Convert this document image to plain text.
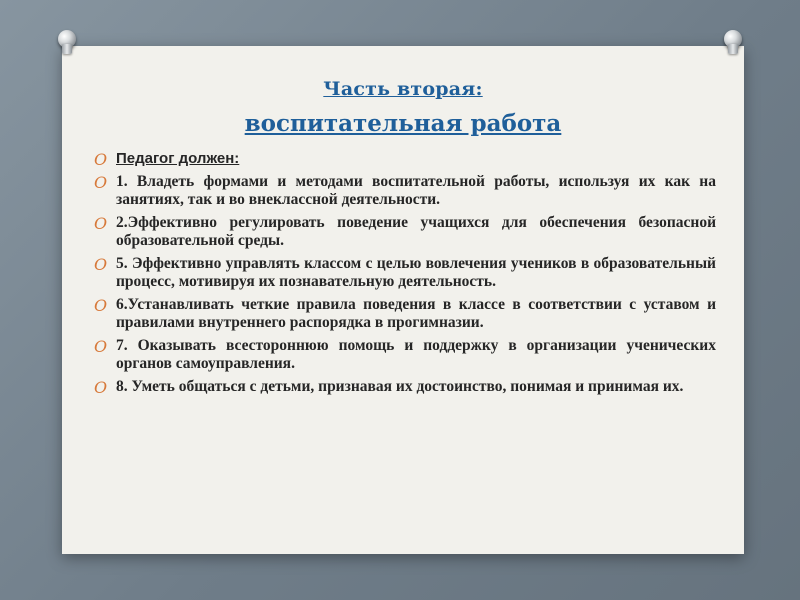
Часть вторая:
воспитательная работа
O Педагог должен:
O 1. Владеть формами и методами воспитательной работы, используя их как на занятиях, так и во внеклассной деятельности.
O 2.Эффективно регулировать поведение учащихся для обеспечения безопасной образовательной среды.
O 5. Эффективно управлять классом с целью вовлечения учеников в образовательный процесс, мотивируя их познавательную деятельность.
O 6.Устанавливать четкие правила поведения в классе в соответствии с уставом и правилами внутреннего распорядка в прогимназии.
O 7. Оказывать всестороннюю помощь и поддержку в организации ученических органов самоуправления.
O 8. Уметь общаться с детьми, признавая их достоинство, понимая и принимая их.
